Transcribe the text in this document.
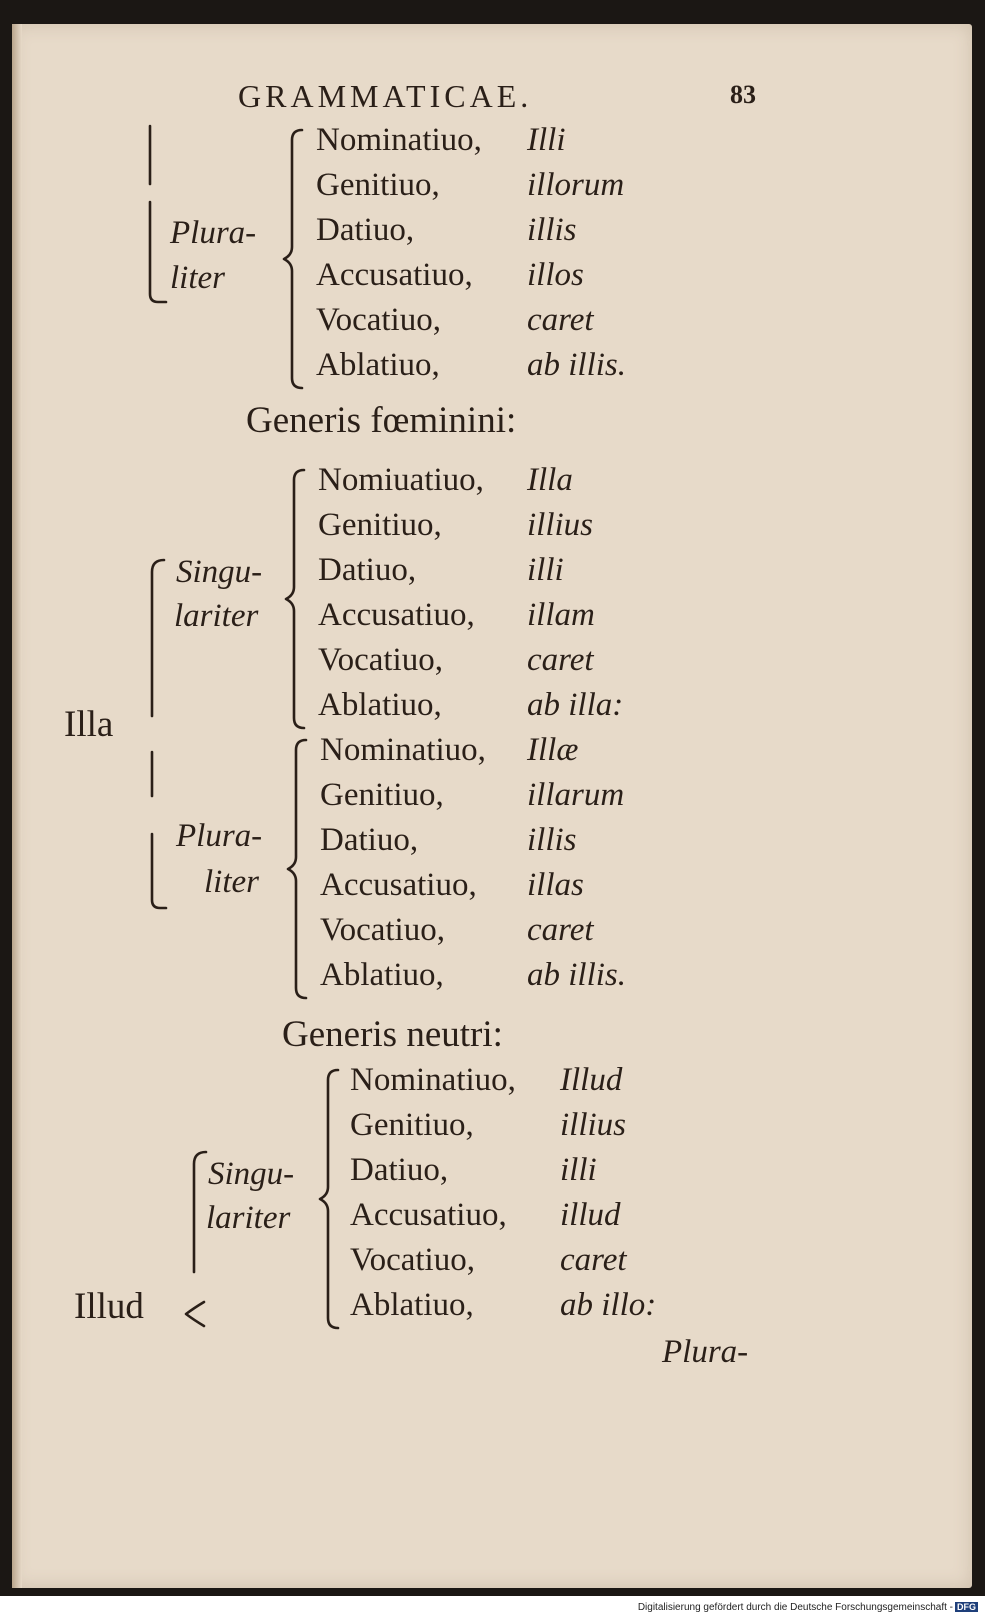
GRAMMATICAE.	83
Plura-
liter
Nominatiuo, Illi
Genitiuo,	illorum
Datiuo,	illis
Accusatiuo, illos
Vocatiuo,	caret
Ablatiuo,	ab illis.
Generis fœminini:
Illa
Singu-
lariter
Plura-
liter
Nomiuatiuo, Illa
Genitiuo,	illius
Datiuo,	illi
Accusatiuo, illam
Vocatiuo,	caret
Ablatiuo,	ab illa:
Nominatiuo, Illæ
Genitiuo,	illarum
Datiuo,	illis
Accusatiuo, illas
Vocatiuo, caret
Ablatiuo,	ab illis.
Generis neutri:
Illud
Singu-
lariter
Nominatiuo, Illud
Genitiuo,	illius
Datiuo,	illi
Accusatiuo, illud
Vocatiuo,	caret
Ablatiuo,	ab illo:
Plura-
Digitalisierung gefördert durch die Deutsche Forschungsgemeinschaft - DFG
